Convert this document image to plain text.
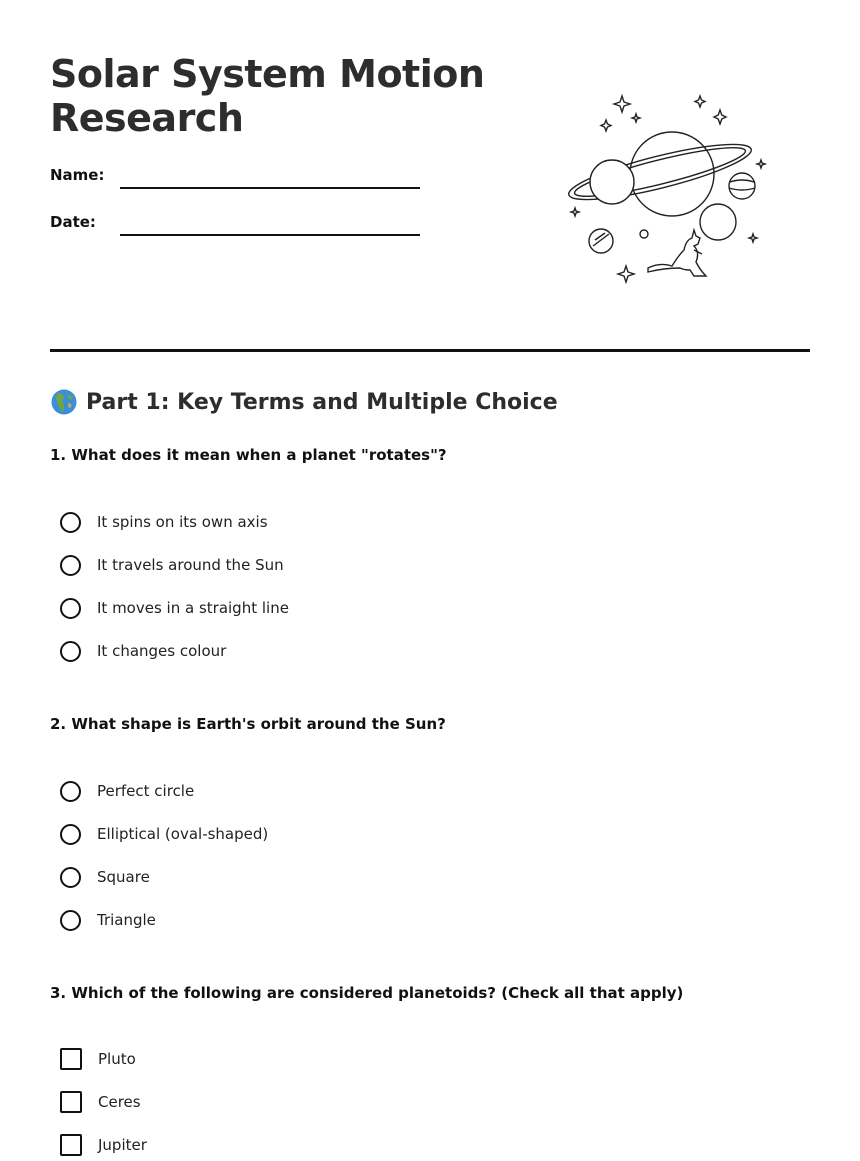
Solar System Motion Research
Name:
Date:
Part 1: Key Terms and Multiple Choice

1. What does it mean when a planet "rotates"?

It spins on its own axis
It travels around the Sun
It moves in a straight line
It changes colour

2. What shape is Earth's orbit around the Sun?

Perfect circle
Elliptical (oval-shaped)
Square
Triangle

3. Which of the following are considered planetoids? (Check all that apply)

Pluto
Ceres
Jupiter
